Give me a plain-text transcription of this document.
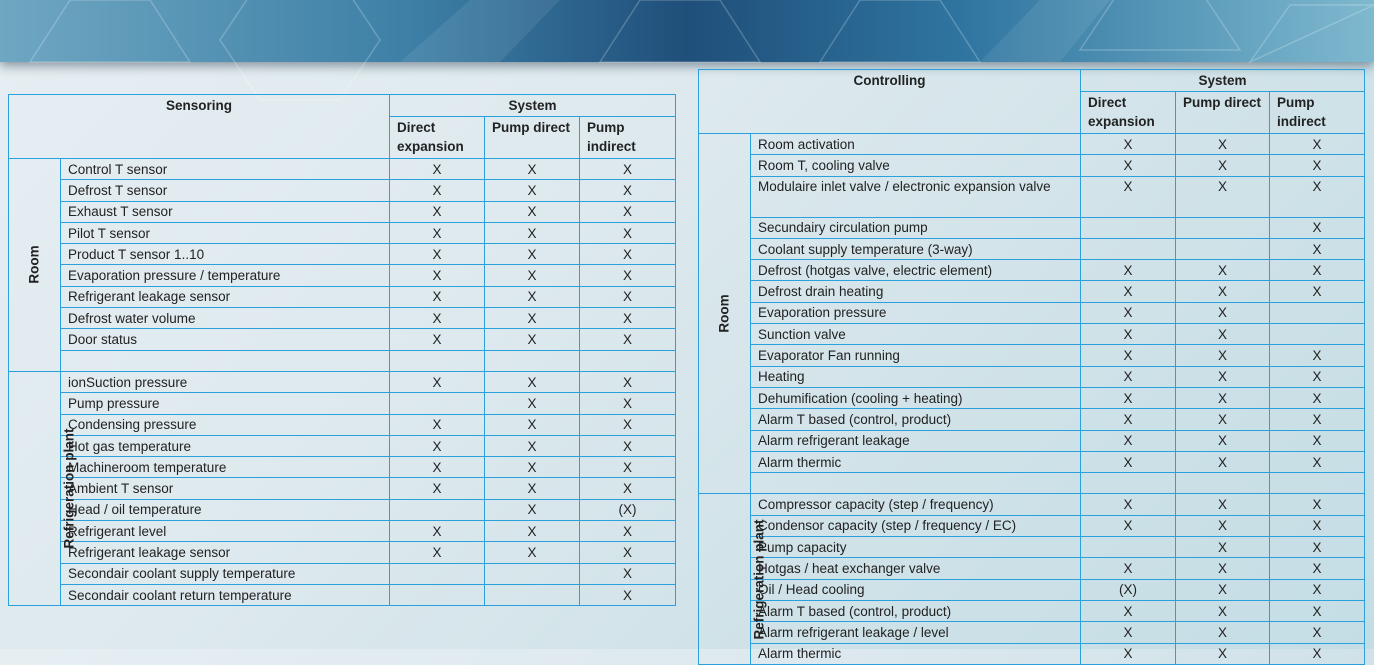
Sensoring		System		
		Direct expansion	Pump direct	Pump indirect
Room	Control T sensor	X	X	X
	Defrost T sensor	X	X	X
	Exhaust T sensor	X	X	X
	Pilot T sensor	X	X	X
	Product T sensor 1..10	X	X	X
	Evaporation pressure / temperature	X	X	X
	Refrigerant leakage sensor	X	X	X
	Defrost water volume	X	X	X
	Door status	X	X	X

Refrigeration plant	ionSuction pressure	X	X	X
	Pump pressure		X	X
	Condensing pressure	X	X	X
	Hot gas temperature	X	X	X
	Machineroom temperature	X	X	X
	Ambient T sensor	X	X	X
	Head / oil temperature		X	(X)
	Refrigerant level	X	X	X
	Refrigerant leakage sensor	X	X	X
	Secondair coolant supply temperature			X
	Secondair coolant return temperature			X
Controlling		System		
		Direct expansion	Pump direct	Pump indirect
Room	Room activation	X	X	X
	Room T, cooling valve	X	X	X
	Modulaire inlet valve / electronic expansion valve	X	X	X
	Secundairy circulation pump			X
	Coolant supply temperature (3-way)			X
	Defrost (hotgas valve, electric element)	X	X	X
	Defrost drain heating	X	X	X
	Evaporation pressure	X	X	
	Sunction valve	X	X	
	Evaporator Fan running	X	X	X
	Heating	X	X	X
	Dehumification (cooling + heating)	X	X	X
	Alarm T based (control, product)	X	X	X
	Alarm refrigerant leakage	X	X	X
	Alarm thermic	X	X	X

Refrigeration plant	Compressor capacity (step / frequency)	X	X	X
	Condensor capacity (step / frequency / EC)	X	X	X
	Pump capacity		X	X
	Hotgas / heat exchanger valve	X	X	X
	Oil / Head cooling	(X)	X	X
	Alarm T based (control, product)	X	X	X
	Alarm refrigerant leakage / level	X	X	X
	Alarm thermic	X	X	X
